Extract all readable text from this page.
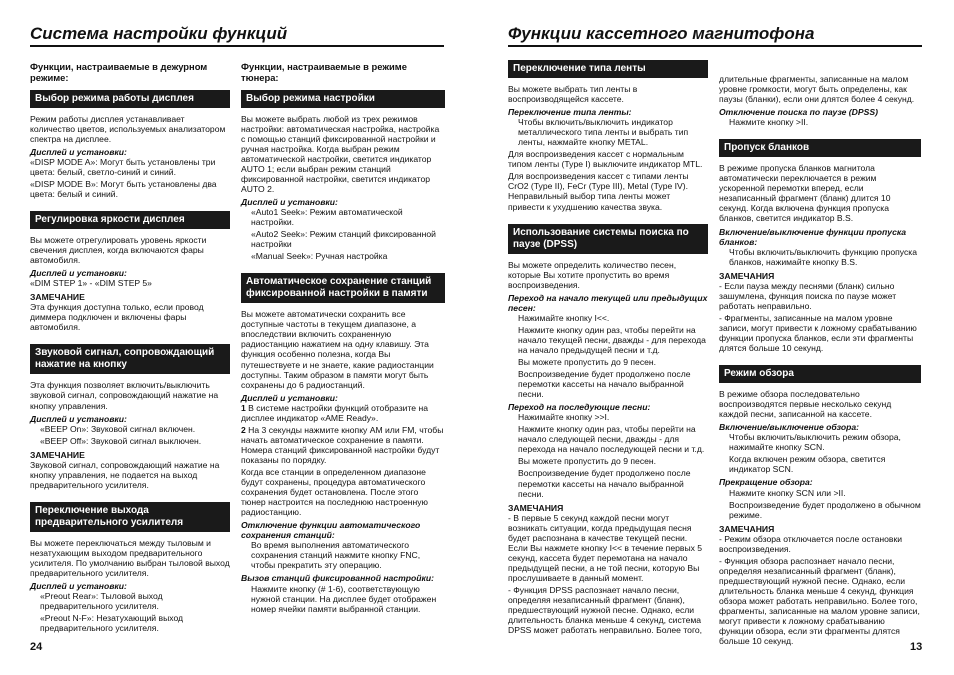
Система настройки функций	Функции кассетного магнитофона
Функции, настраиваемые в дежурном режиме:
Выбор режима работы дисплея
Режим работы дисплея устанавливает количество цветов, используемых анализатором спектра на дисплее.
Дисплей и установки:
«DISP MODE A»: Могут быть установлены три цвета: белый, светло-синий и синий.
«DISP MODE B»: Могут быть установлены два цвета: белый и синий.
Регулировка яркости дисплея
Вы можете отрегулировать уровень яркости свечения дисплея, когда включаются фары автомобиля.
Дисплей и установки:
«DIM STEP 1» - «DIM STEP 5»
ЗАМЕЧАНИЕ
Эта функция доступна только, если провод диммера подключен и включены фары автомобиля.
Звуковой сигнал, сопровождающий нажатие на кнопку
Эта функция позволяет включить/выключить звуковой сигнал, сопровождающий нажатие на кнопку управления.
Дисплей и установки:
«BEEP On»: Звуковой сигнал включен.
«BEEP Off»: Звуковой сигнал выключен.
ЗАМЕЧАНИЕ
Звуковой сигнал, сопровождающий нажатие на кнопку управления, не подается на выход предварительного усилителя.
Переключение выхода предварительного усилителя
Вы можете переключаться между тыловым и незатухающим выходом предварительного усилителя. По умолчанию выбран тыловой выход предварительного усилителя.
Дисплей и установки:
«Preout Rear»: Тыловой выход предварительного усилителя.
«Preout N-F»: Незатухающий выход предварительного усилителя.
Функции, настраиваемые в режиме тюнера:
Выбор режима настройки
Вы можете выбрать любой из трех режимов настройки: автоматическая настройка, настройка с помощью станций фиксированной настройки и ручная настройка. Когда выбран режим автоматической настройки, светится индикатор AUTO 1; если выбран режим станций фиксированной настройки, светится индикатор AUTO 2.
Дисплей и установки:
«Auto1 Seek»: Режим автоматической настройки.
«Auto2 Seek»: Режим станций фиксированной настройки
«Manual Seek»: Ручная настройка
Автоматическое сохранение станций фиксированной настройки в памяти
Вы можете автоматически сохранить все доступные частоты в текущем диапазоне, а впоследствии включить сохраненную радиостанцию нажатием на одну клавишу. Эта функция особенно полезна, когда Вы путешествуете и не знаете, какие радиостанции доступны. Таким образом в памяти могут быть сохранены до 6 радиостанций.
Дисплей и установки:
1 В системе настройки функций отобразите на дисплее индикатор «AME Ready».
2 На 3 секунды нажмите кнопку AM или FM, чтобы начать автоматическое сохранение в памяти. Номера станций фиксированной настройки будут показаны по порядку.
Когда все станции в определенном диапазоне будут сохранены, процедура автоматического сохранения будет остановлена. После этого тюнер настроится на последнюю настроенную радиостанцию.
Отключение функции автоматического сохранения станций:
Во время выполнения автоматического сохранения станций нажмите кнопку FNC, чтобы прекратить эту операцию.
Вызов станций фиксированной настройки:
Нажмите кнопку (# 1-6), соответствующую нужной станции. На дисплее будет отображен номер ячейки памяти выбранной станции.
Переключение типа ленты
Вы можете выбрать тип ленты в воспроизводящейся кассете.
Переключение типа ленты:
Чтобы включить/выключить индикатор металлического типа ленты и выбрать тип ленты, нажмайте кнопку METAL.
Для воспроизведения кассет с нормальным типом ленты (Type I) выключите индикатор MTL.
Для воспроизведения кассет с типами ленты CrO2 (Type II), FeCr (Type III), Metal (Type IV). Неправильный выбор типа ленты может привести к ухудшению качества звука.
Использование системы поиска по паузе (DPSS)
Вы можете определить количество песен, которые Вы хотите пропустить во время воспроизведения.
Переход на начало текущей или предыдущих песен:
Нажимайте кнопку I<<.
Нажмите кнопку один раз, чтобы перейти на начало текущей песни, дважды - для перехода на начало предыдущей песни и т.д.
Вы можете пропустить до 9 песен.
Воспроизведение будет продолжено после перемотки кассеты на начало выбранной песни.
Переход на последующие песни:
Нажимайте кнопку >>I.
Нажмите кнопку один раз, чтобы перейти на начало следующей песни, дважды - для перехода на начало последующей песни и т.д.
Вы можете пропустить до 9 песен.
Воспроизведение будет продолжено после перемотки кассеты на начало выбранной песни.
ЗАМЕЧАНИЯ
- В первые 5 секунд каждой песни могут возникать ситуации, когда предыдущая песня будет распознана в качестве текущей песни. Если Вы нажмете кнопку I<< в течение первых 5 секунд, кассета будет перемотана на начало предыдущей песни, а не той песни, которую Вы прослушиваете в данный момент.
- Функция DPSS распознает начало песни, определяя незаписанный фрагмент (бланк), предшествующий нужной песне. Однако, если длительность бланка меньше 4 секунд, система DPSS может работать неправильно. Более того,
длительные фрагменты, записанные на малом уровне громкости, могут быть определены, как паузы (бланки), если они длятся более 4 секунд.
Отключение поиска по паузе (DPSS)
Нажмите кнопку >II.
Пропуск бланков
В режиме пропуска бланков магнитола автоматически переключается в режим ускоренной перемотки вперед, если незаписанный фрагмент (бланк) длится 10 секунд. Когда включена функция пропуска бланков, светится индикатор B.S.
Включение/выключение функции пропуска бланков:
Чтобы включить/выключить функцию пропуска бланков, нажимайте кнопку B.S.
ЗАМЕЧАНИЯ
- Если пауза между песнями (бланк) сильно зашумлена, функция поиска по паузе может работать неправильно.
- Фрагменты, записанные на малом уровне записи, могут привести к ложному срабатыванию функции пропуска бланков, если эти фрагменты длятся больше 10 секунд.
Режим обзора
В режиме обзора последовательно воспроизводятся первые несколько секунд каждой песни, записанной на кассете.
Включение/выключение обзора:
Чтобы включить/выключить режим обзора, нажимайте кнопку SCN.
Когда включен режим обзора, светится индикатор SCN.
Прекращение обзора:
Нажмите кнопку SCN или >II.
Воспроизведение будет продолжено в обычном режиме.
ЗАМЕЧАНИЯ
- Режим обзора отключается после остановки воспроизведения.
- Функция обзора распознает начало песни, определяя незаписанный фрагмент (бланк), предшествующий нужной песне. Однако, если длительность бланка меньше 4 секунд, функция обзора может работать неправильно. Более того, фрагменты, записанные на малом уровне записи, могут привести к ложному срабатыванию функции обзора, если эти фрагменты длятся больше 10 секунд.
24	13
